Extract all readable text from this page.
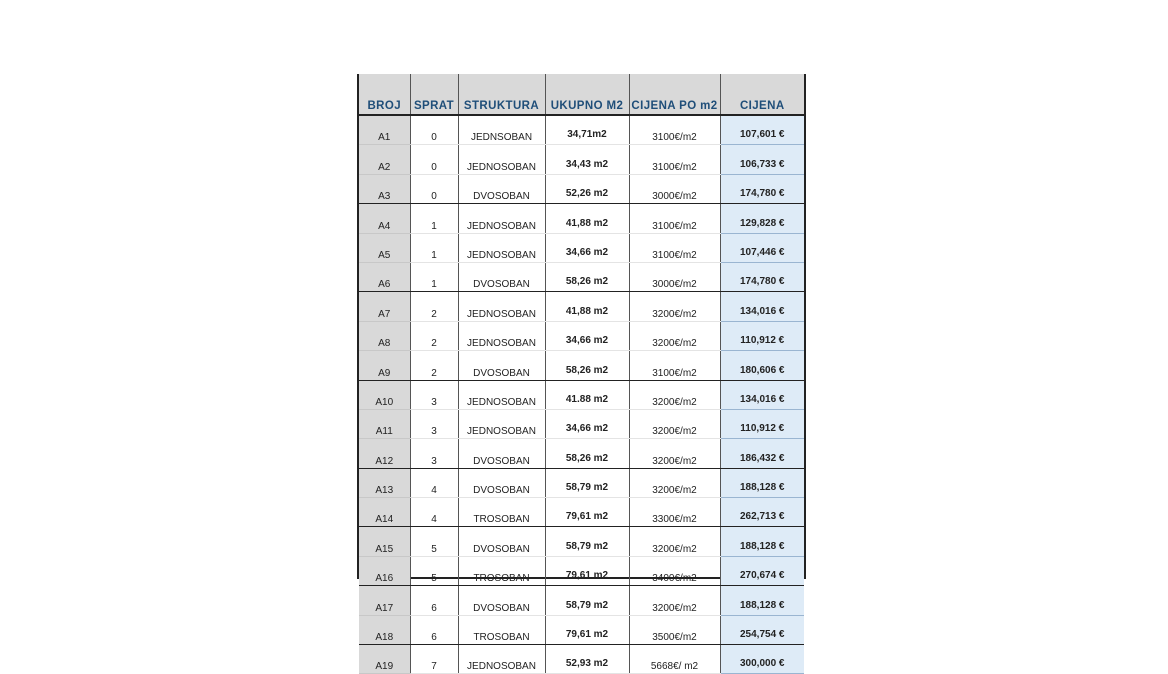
BROJ	SPRAT	STRUKTURA	UKUPNO M2	CIJENA PO m2	CIJENA
A1	0	JEDNSOBAN	34,71m2	3100€/m2	107,601 €
A2	0	JEDNOSOBAN	34,43 m2	3100€/m2	106,733 €
A3	0	DVOSOBAN	52,26 m2	3000€/m2	174,780 €
A4	1	JEDNOSOBAN	41,88 m2	3100€/m2	129,828 €
A5	1	JEDNOSOBAN	34,66 m2	3100€/m2	107,446 €
A6	1	DVOSOBAN	58,26 m2	3000€/m2	174,780 €
A7	2	JEDNOSOBAN	41,88 m2	3200€/m2	134,016 €
A8	2	JEDNOSOBAN	34,66 m2	3200€/m2	110,912 €
A9	2	DVOSOBAN	58,26 m2	3100€/m2	180,606 €
A10	3	JEDNOSOBAN	41.88 m2	3200€/m2	134,016 €
A11	3	JEDNOSOBAN	34,66 m2	3200€/m2	110,912 €
A12	3	DVOSOBAN	58,26 m2	3200€/m2	186,432 €
A13	4	DVOSOBAN	58,79 m2	3200€/m2	188,128 €
A14	4	TROSOBAN	79,61 m2	3300€/m2	262,713 €
A15	5	DVOSOBAN	58,79 m2	3200€/m2	188,128 €
A16	5	TROSOBAN	79,61 m2	3400€/m2	270,674 €
A17	6	DVOSOBAN	58,79 m2	3200€/m2	188,128 €
A18	6	TROSOBAN	79,61 m2	3500€/m2	254,754 €
A19	7	JEDNOSOBAN	52,93 m2	5668€/ m2	300,000 €
